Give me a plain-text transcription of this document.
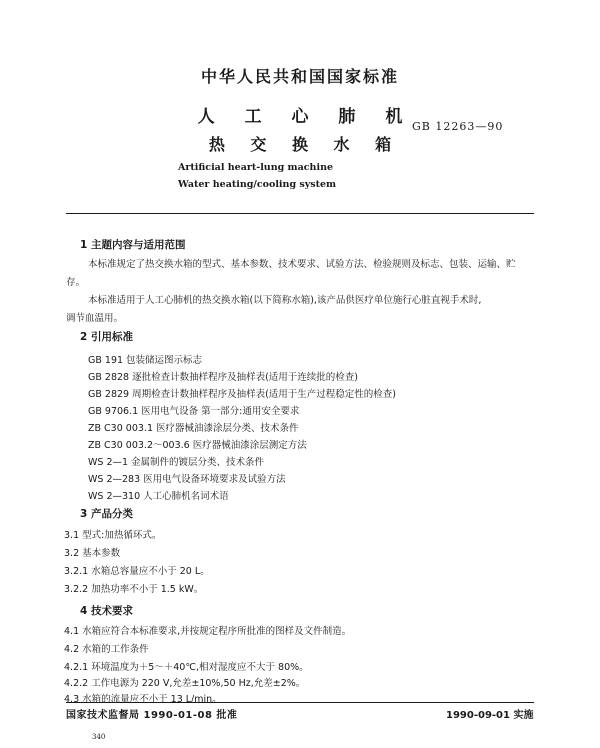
中华人民共和国国家标准
人 工 心 肺 机
热 交 换 水 箱
GB 12263—90
Artificial heart-lung machine
Water heating/cooling system
1 主题内容与适用范围
本标准规定了热交换水箱的型式、基本参数、技术要求、试验方法、检验规则及标志、包装、运输、贮
存。
本标准适用于人工心肺机的热交换水箱(以下简称水箱),该产品供医疗单位施行心脏直视手术时,
调节血温用。
2 引用标准
GB 191 包装储运图示标志
GB 2828 逐批检查计数抽样程序及抽样表(适用于连续批的检查)
GB 2829 周期检查计数抽样程序及抽样表(适用于生产过程稳定性的检查)
GB 9706.1 医用电气设备 第一部分:通用安全要求
ZB C30 003.1 医疗器械油漆涂层分类、技术条件
ZB C30 003.2～003.6 医疗器械油漆涂层测定方法
WS 2—1 金属制件的镀层分类、技术条件
WS 2—283 医用电气设备环境要求及试验方法
WS 2—310 人工心肺机名词术语
3 产品分类
3.1 型式:加热循环式。
3.2 基本参数
3.2.1 水箱总容量应不小于 20 L。
3.2.2 加热功率不小于 1.5 kW。
4 技术要求
4.1 水箱应符合本标准要求,并按规定程序所批准的图样及文件制造。
4.2 水箱的工作条件
4.2.1 环境温度为＋5～＋40℃,相对湿度应不大于 80%。
4.2.2 工作电源为 220 V,允差±10%,50 Hz,允差±2%。
4.3 水箱的流量应不小于 13 L/min。
国家技术监督局 1990-01-08 批准	1990-09-01 实施
340
